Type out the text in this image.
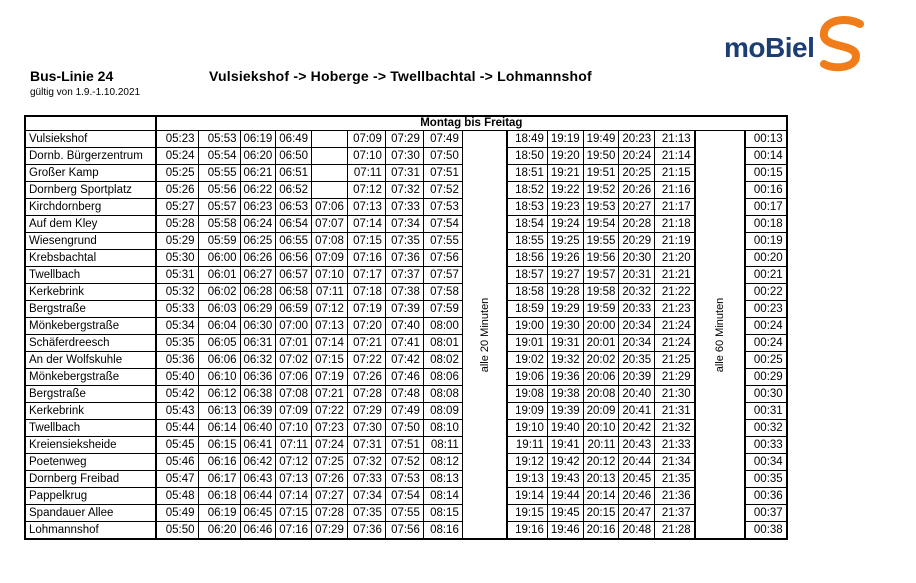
moBiel
Bus-Linie 24
gültig von 1.9.-1.10.2021
Vulsiekshof -> Hoberge -> Twellbachtal -> Lohmannshof
	Montag bis Freitag															
Vulsiekshof	05:23	05:53	06:19	06:49		07:09	07:29	07:49	alle 20 Minuten	18:49	19:19	19:49	20:23	21:13	alle 60 Minuten	00:13
Dornb. Bürgerzentrum	05:24	05:54	06:20	06:50		07:10	07:30	07:50		18:50	19:20	19:50	20:24	21:14		00:14
Großer Kamp	05:25	05:55	06:21	06:51		07:11	07:31	07:51		18:51	19:21	19:51	20:25	21:15		00:15
Dornberg Sportplatz	05:26	05:56	06:22	06:52		07:12	07:32	07:52		18:52	19:22	19:52	20:26	21:16		00:16
Kirchdornberg	05:27	05:57	06:23	06:53	07:06	07:13	07:33	07:53		18:53	19:23	19:53	20:27	21:17		00:17
Auf dem Kley	05:28	05:58	06:24	06:54	07:07	07:14	07:34	07:54		18:54	19:24	19:54	20:28	21:18		00:18
Wiesengrund	05:29	05:59	06:25	06:55	07:08	07:15	07:35	07:55		18:55	19:25	19:55	20:29	21:19		00:19
Krebsbachtal	05:30	06:00	06:26	06:56	07:09	07:16	07:36	07:56		18:56	19:26	19:56	20:30	21:20		00:20
Twellbach	05:31	06:01	06:27	06:57	07:10	07:17	07:37	07:57		18:57	19:27	19:57	20:31	21:21		00:21
Kerkebrink	05:32	06:02	06:28	06:58	07:11	07:18	07:38	07:58		18:58	19:28	19:58	20:32	21:22		00:22
Bergstraße	05:33	06:03	06:29	06:59	07:12	07:19	07:39	07:59		18:59	19:29	19:59	20:33	21:23		00:23
Mönkebergstraße	05:34	06:04	06:30	07:00	07:13	07:20	07:40	08:00		19:00	19:30	20:00	20:34	21:24		00:24
Schäferdreesch	05:35	06:05	06:31	07:01	07:14	07:21	07:41	08:01		19:01	19:31	20:01	20:34	21:24		00:24
An der Wolfskuhle	05:36	06:06	06:32	07:02	07:15	07:22	07:42	08:02		19:02	19:32	20:02	20:35	21:25		00:25
Mönkebergstraße	05:40	06:10	06:36	07:06	07:19	07:26	07:46	08:06		19:06	19:36	20:06	20:39	21:29		00:29
Bergstraße	05:42	06:12	06:38	07:08	07:21	07:28	07:48	08:08		19:08	19:38	20:08	20:40	21:30		00:30
Kerkebrink	05:43	06:13	06:39	07:09	07:22	07:29	07:49	08:09		19:09	19:39	20:09	20:41	21:31		00:31
Twellbach	05:44	06:14	06:40	07:10	07:23	07:30	07:50	08:10		19:10	19:40	20:10	20:42	21:32		00:32
Kreiensieksheide	05:45	06:15	06:41	07:11	07:24	07:31	07:51	08:11		19:11	19:41	20:11	20:43	21:33		00:33
Poetenweg	05:46	06:16	06:42	07:12	07:25	07:32	07:52	08:12		19:12	19:42	20:12	20:44	21:34		00:34
Dornberg Freibad	05:47	06:17	06:43	07:13	07:26	07:33	07:53	08:13		19:13	19:43	20:13	20:45	21:35		00:35
Pappelkrug	05:48	06:18	06:44	07:14	07:27	07:34	07:54	08:14		19:14	19:44	20:14	20:46	21:36		00:36
Spandauer Allee	05:49	06:19	06:45	07:15	07:28	07:35	07:55	08:15		19:15	19:45	20:15	20:47	21:37		00:37
Lohmannshof	05:50	06:20	06:46	07:16	07:29	07:36	07:56	08:16		19:16	19:46	20:16	20:48	21:28		00:38
